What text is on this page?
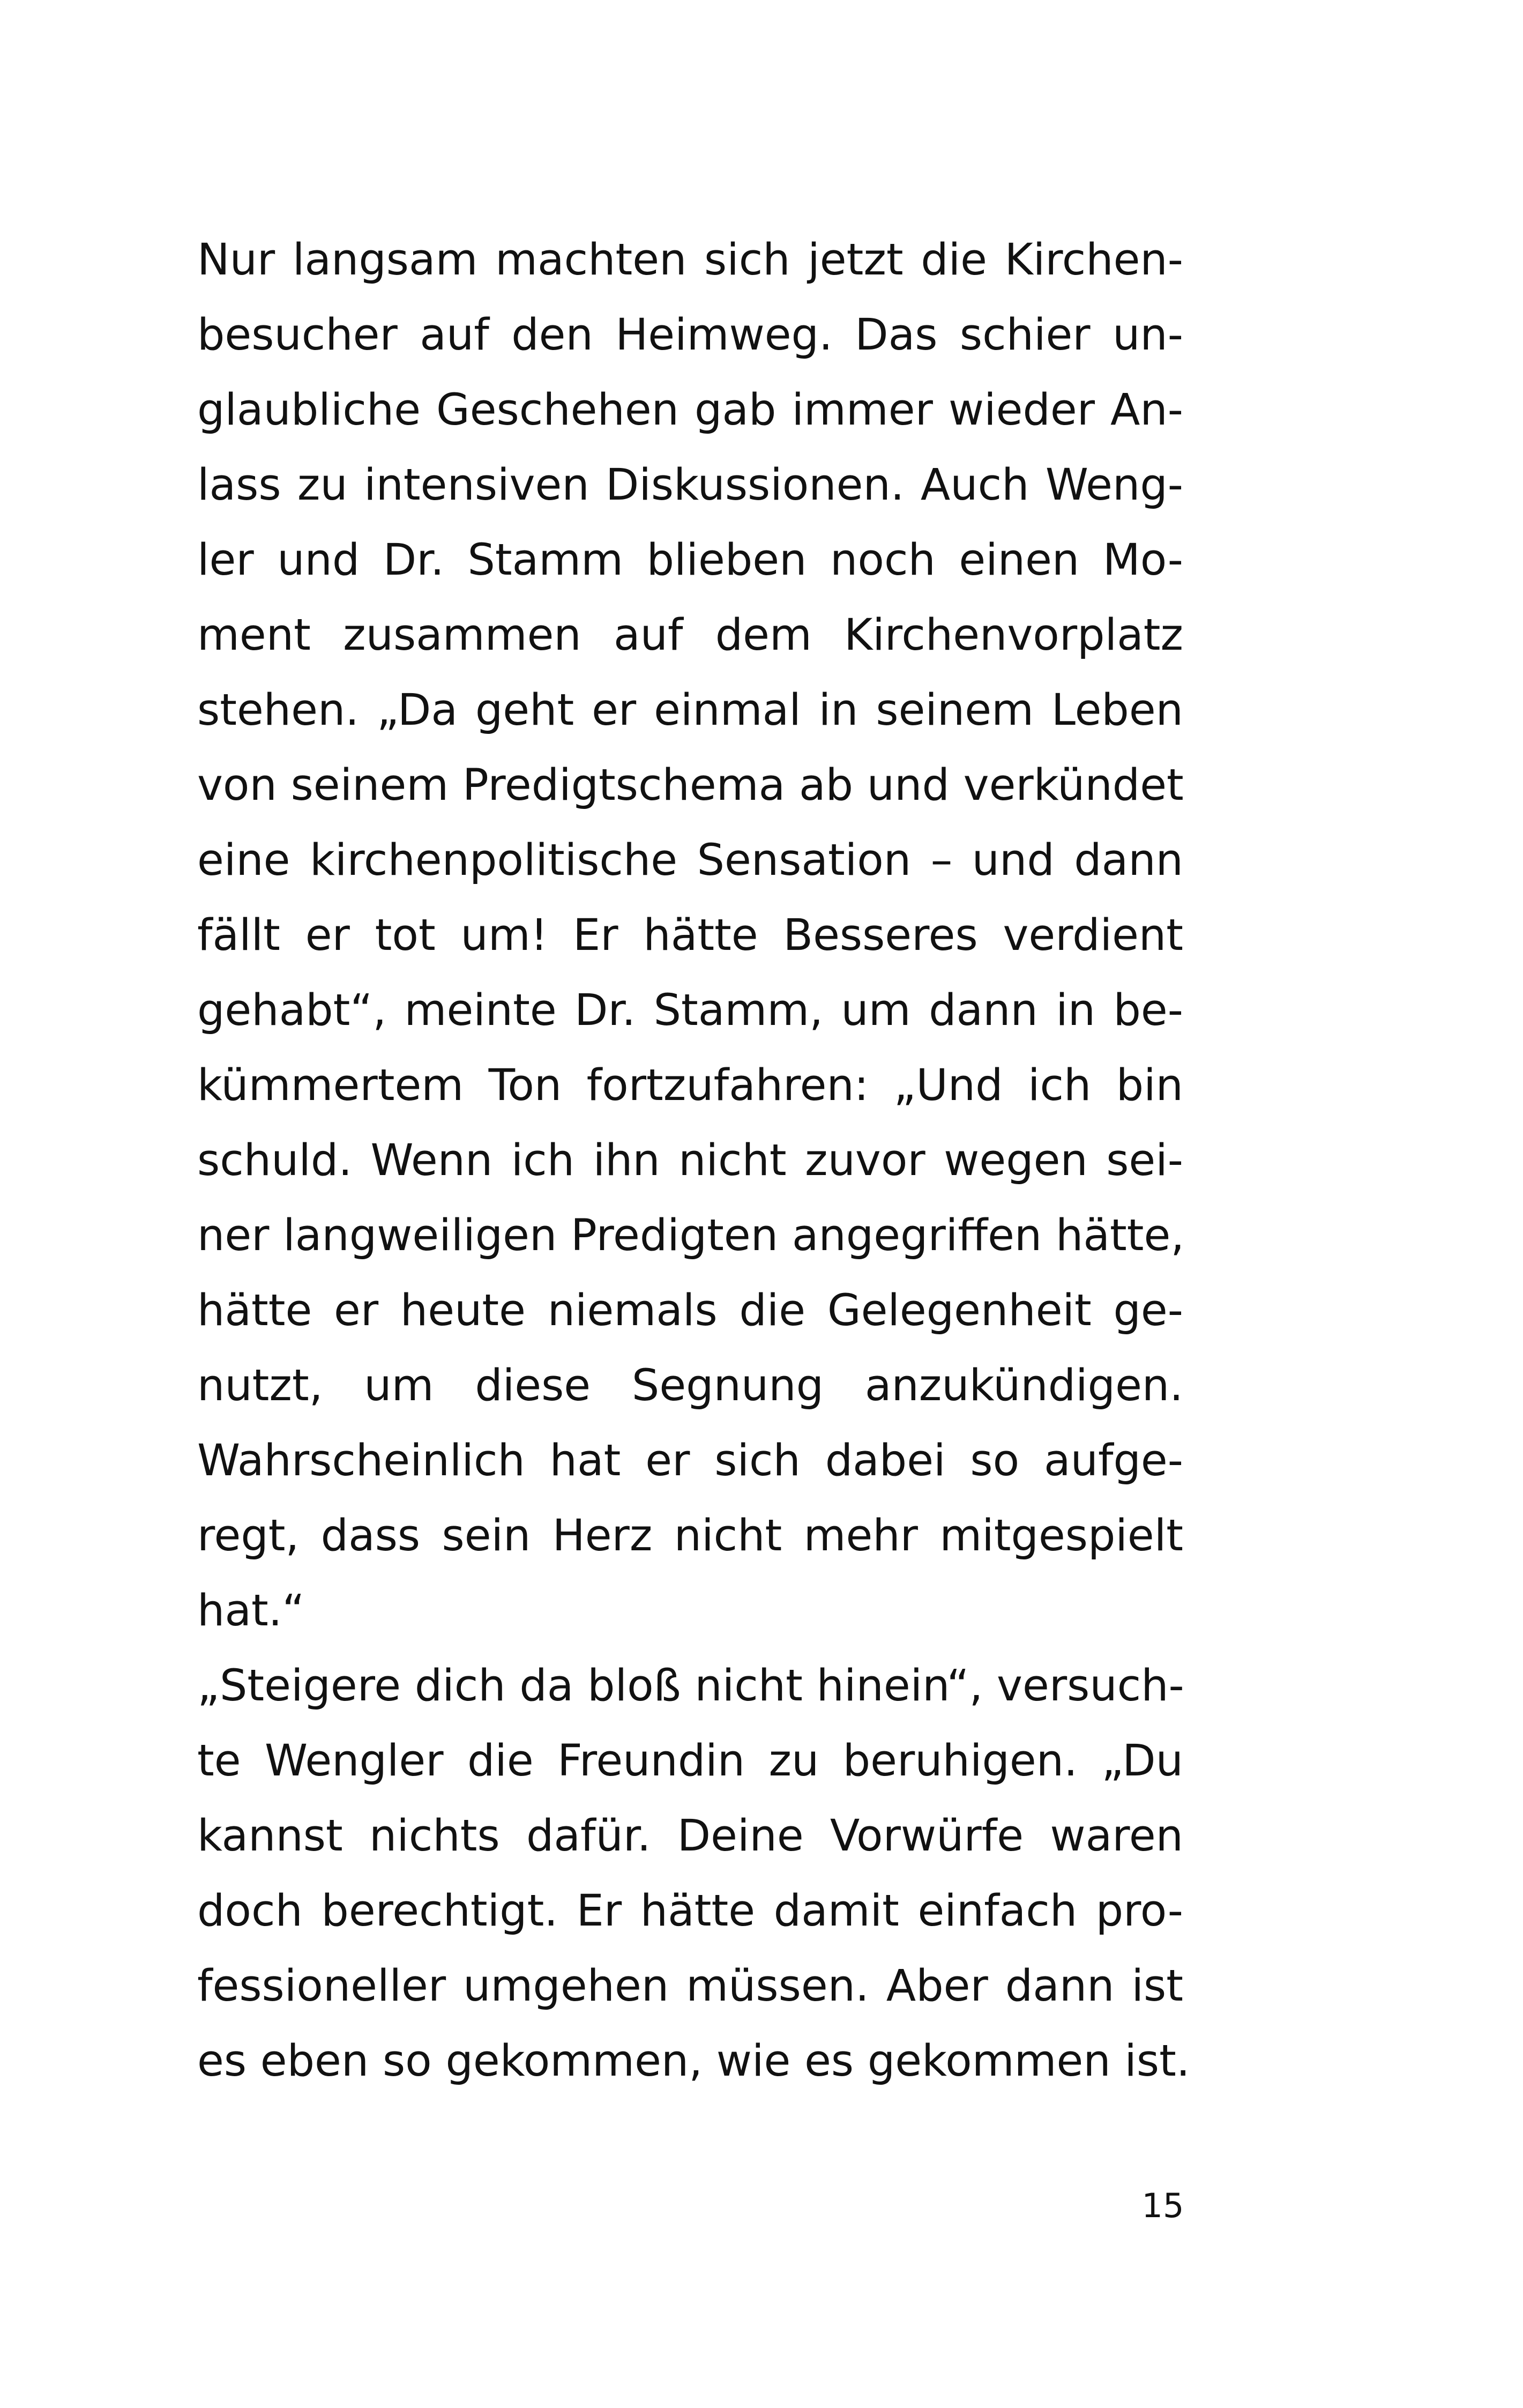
Nur langsam machten sich jetzt die Kirchen-
besucher auf den Heimweg. Das schier un-
glaubliche Geschehen gab immer wieder An-
lass zu intensiven Diskussionen. Auch Weng-
ler und Dr. Stamm blieben noch einen Mo-
ment zusammen auf dem Kirchenvorplatz
stehen. „Da geht er einmal in seinem Leben
von seinem Predigtschema ab und verkündet
eine kirchenpolitische Sensation – und dann
fällt er tot um! Er hätte Besseres verdient
gehabt“, meinte Dr. Stamm, um dann in be-
kümmertem Ton fortzufahren: „Und ich bin
schuld. Wenn ich ihn nicht zuvor wegen sei-
ner langweiligen Predigten angegriffen hätte,
hätte er heute niemals die Gelegenheit ge-
nutzt, um diese Segnung anzukündigen.
Wahrscheinlich hat er sich dabei so aufge-
regt, dass sein Herz nicht mehr mitgespielt
hat.“
„Steigere dich da bloß nicht hinein“, versuch-
te Wengler die Freundin zu beruhigen. „Du
kannst nichts dafür. Deine Vorwürfe waren
doch berechtigt. Er hätte damit einfach pro-
fessioneller umgehen müssen. Aber dann ist
es eben so gekommen, wie es gekommen ist.
15
